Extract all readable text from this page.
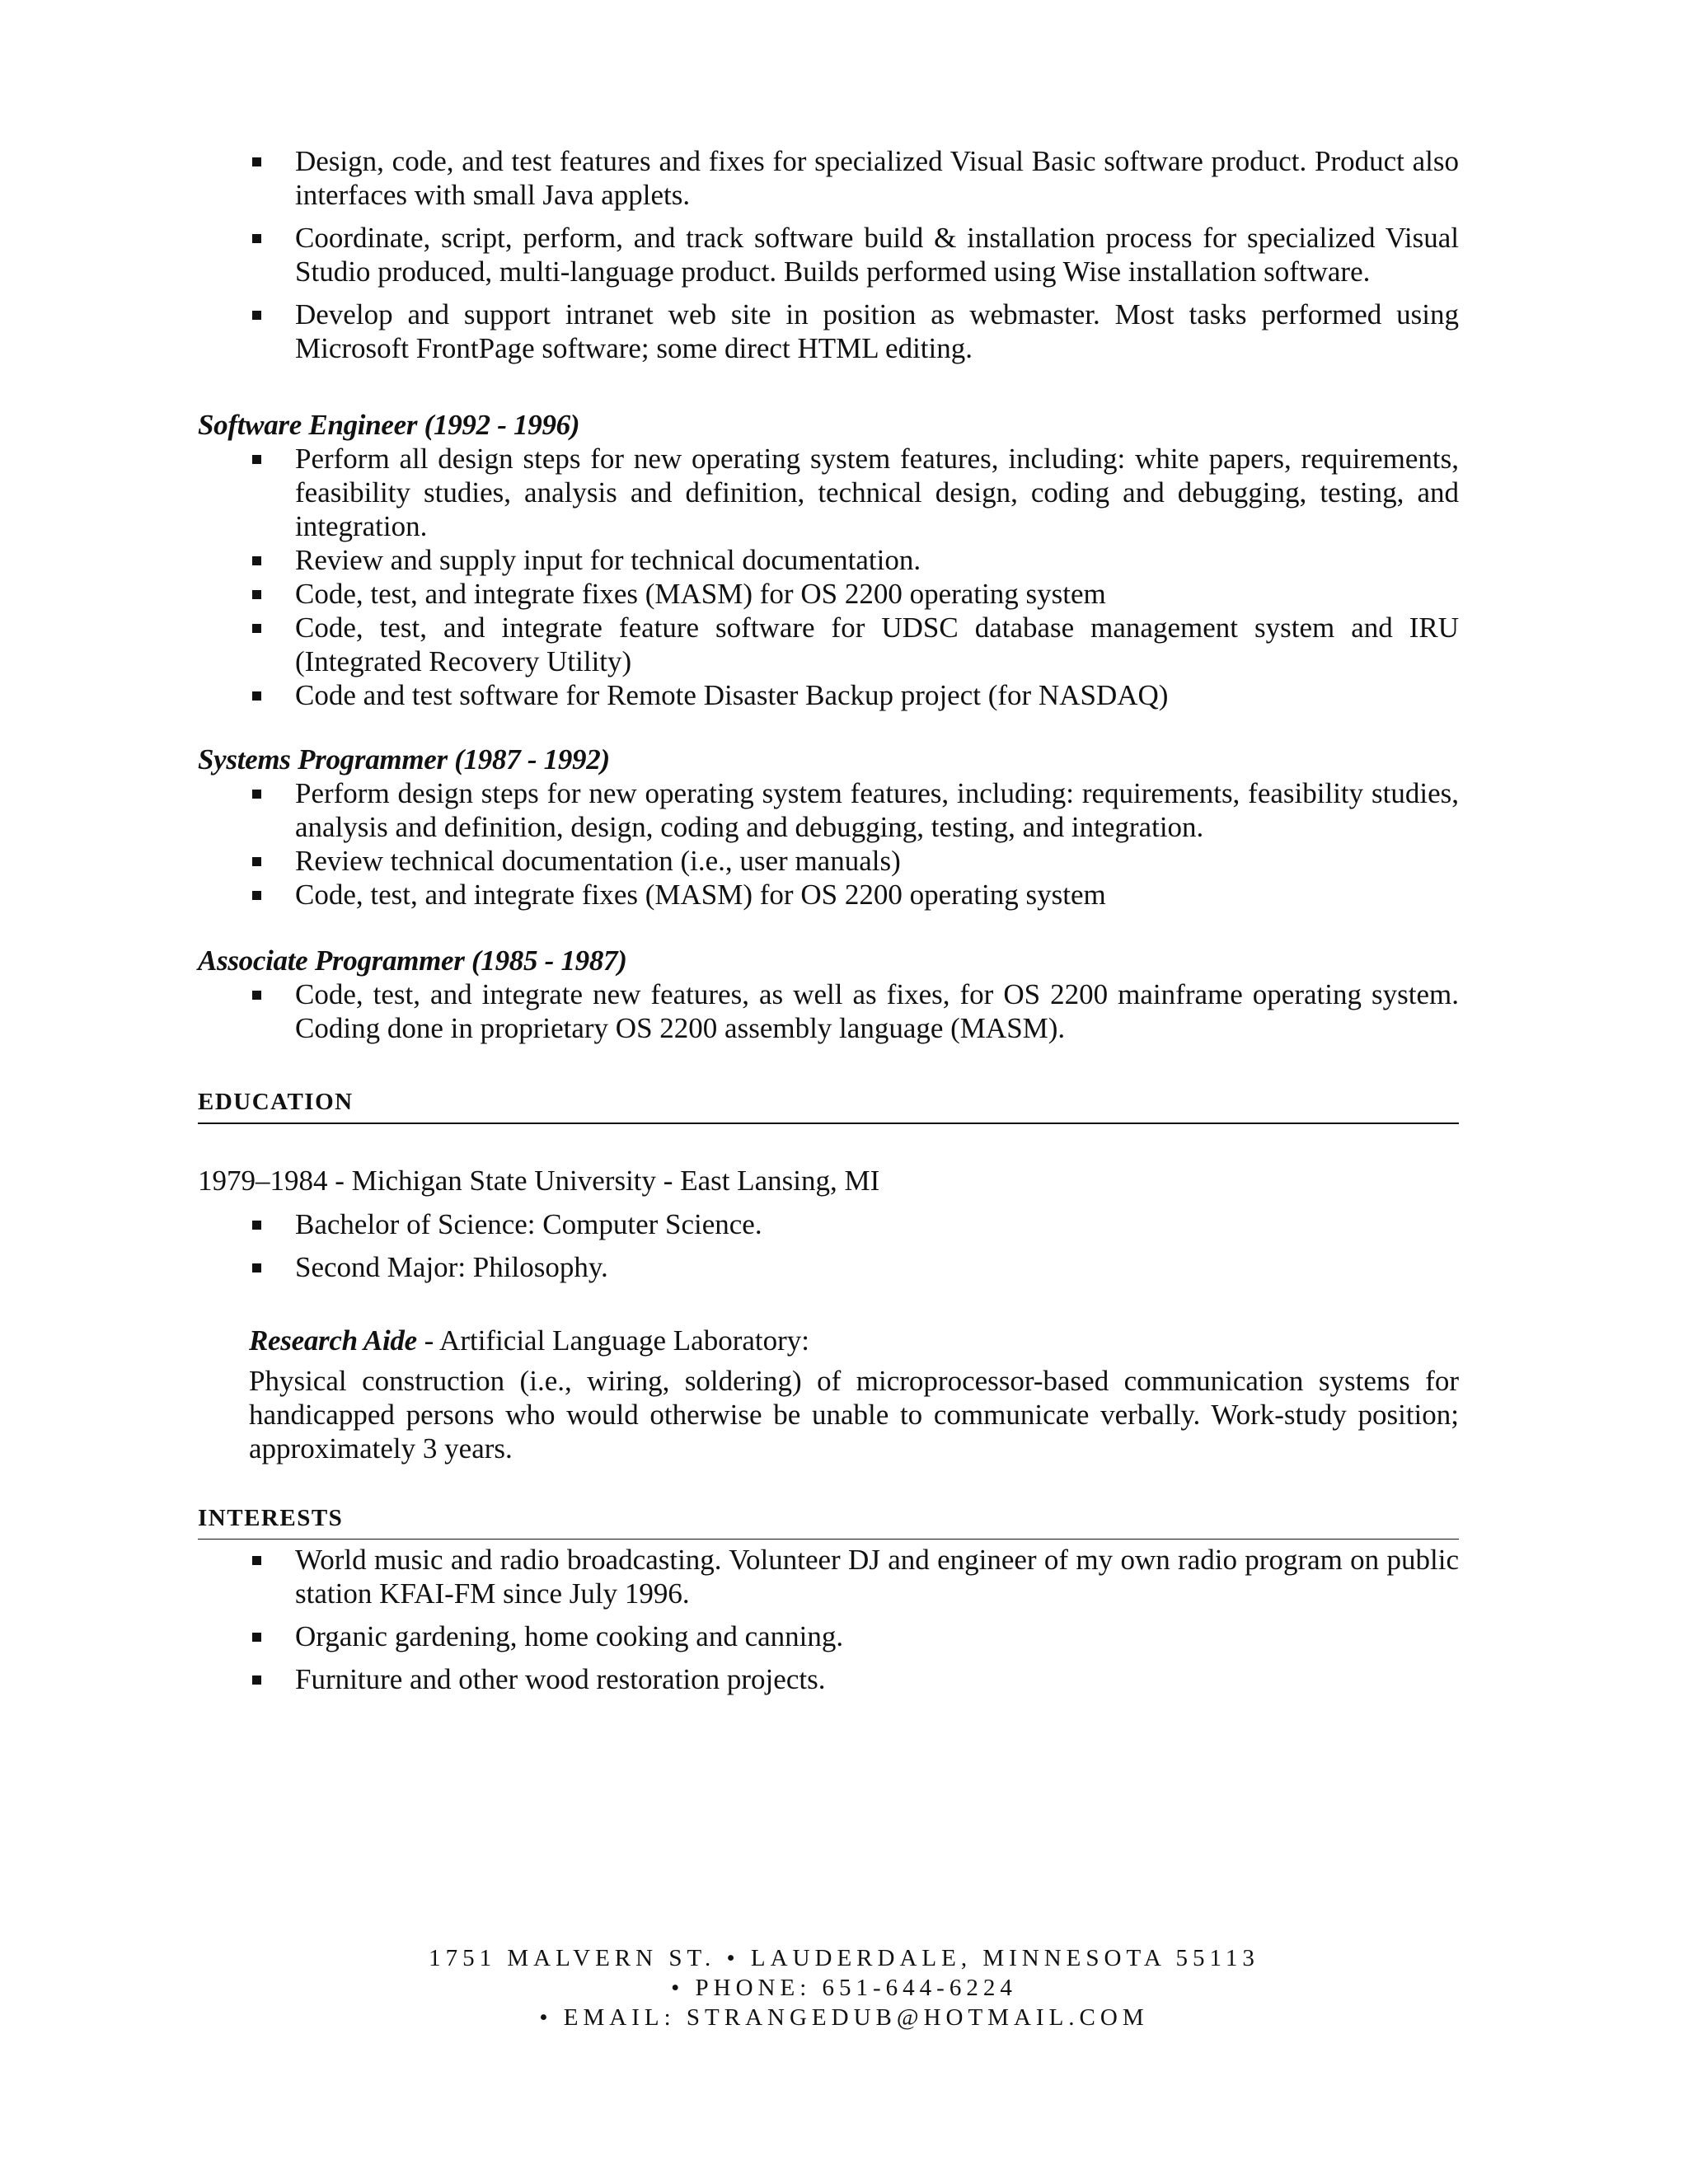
Design, code, and test features and fixes for specialized Visual Basic software product. Product also interfaces with small Java applets.
Coordinate, script, perform, and track software build & installation process for specialized Visual Studio produced, multi-language product. Builds performed using Wise installation software.
Develop and support intranet web site in position as webmaster. Most tasks performed using Microsoft FrontPage software; some direct HTML editing.

Software Engineer (1992 - 1996)

Perform all design steps for new operating system features, including: white papers, requirements, feasibility studies, analysis and definition, technical design, coding and debugging, testing, and integration.
Review and supply input for technical documentation.
Code, test, and integrate fixes (MASM) for OS 2200 operating system
Code, test, and integrate feature software for UDSC database management system and IRU (Integrated Recovery Utility)
Code and test software for Remote Disaster Backup project (for NASDAQ)

Systems Programmer (1987 - 1992)

Perform design steps for new operating system features, including: requirements, feasibility studies, analysis and definition, design, coding and debugging, testing, and integration.
Review technical documentation (i.e., user manuals)
Code, test, and integrate fixes (MASM) for OS 2200 operating system

Associate Programmer (1985 - 1987)

Code, test, and integrate new features, as well as fixes, for OS 2200 mainframe operating system. Coding done in proprietary OS 2200 assembly language (MASM).

EDUCATION

1979–1984 - Michigan State University - East Lansing, MI

Bachelor of Science: Computer Science.
Second Major: Philosophy.

Research Aide - Artificial Language Laboratory:

Physical construction (i.e., wiring, soldering) of microprocessor-based communication systems for handicapped persons who would otherwise be unable to communicate verbally. Work-study position; approximately 3 years.

INTERESTS

World music and radio broadcasting. Volunteer DJ and engineer of my own radio program on public station KFAI-FM since July 1996.
Organic gardening, home cooking and canning.
Furniture and other wood restoration projects.
1751 MALVERN ST. • LAUDERDALE, MINNESOTA 55113
• PHONE: 651-644-6224
• EMAIL: STRANGEDUB@HOTMAIL.COM
